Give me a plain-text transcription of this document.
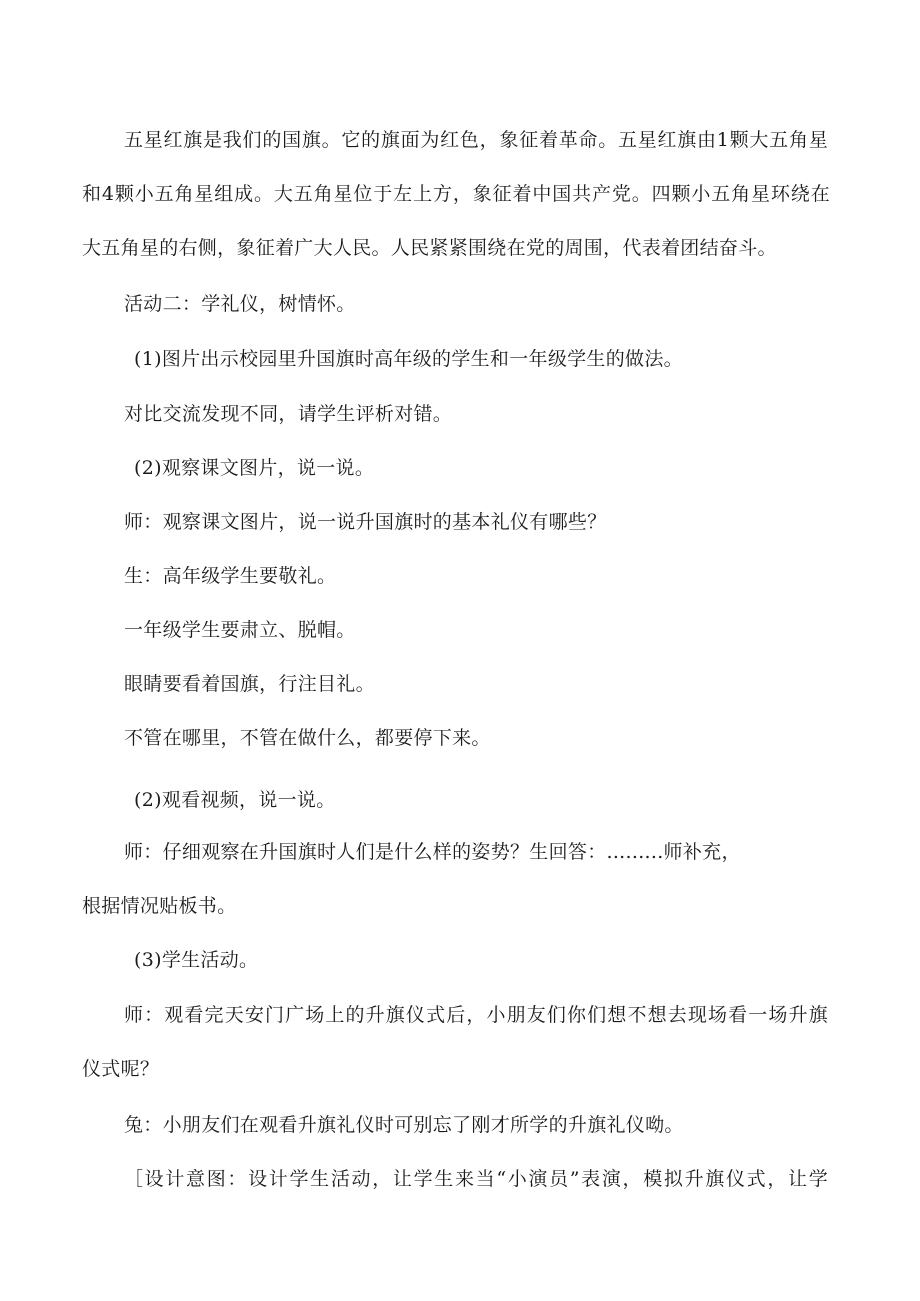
五星红旗是我们的国旗。它的旗面为红色，象征着革命。五星红旗由1颗大五角星
和4颗小五角星组成。大五角星位于左上方，象征着中国共产党。四颗小五角星环绕在
大五角星的右侧，象征着广大人民。人民紧紧围绕在党的周围，代表着团结奋斗。
活动二：学礼仪，树情怀。
(1)图片出示校园里升国旗时高年级的学生和一年级学生的做法。
对比交流发现不同，请学生评析对错。
(2)观察课文图片，说一说。
师：观察课文图片，说一说升国旗时的基本礼仪有哪些？
生：高年级学生要敬礼。
一年级学生要肃立、脱帽。
眼睛要看着国旗，行注目礼。
不管在哪里，不管在做什么，都要停下来。
(2)观看视频，说一说。
师：仔细观察在升国旗时人们是什么样的姿势？生回答：.........师补充，
根据情况贴板书。
(3)学生活动。
师：观看完天安门广场上的升旗仪式后，小朋友们你们想不想去现场看一场升旗
仪式呢？
兔：小朋友们在观看升旗礼仪时可别忘了刚才所学的升旗礼仪呦。
［设计意图：设计学生活动，让学生来当“小演员”表演，模拟升旗仪式，让学
